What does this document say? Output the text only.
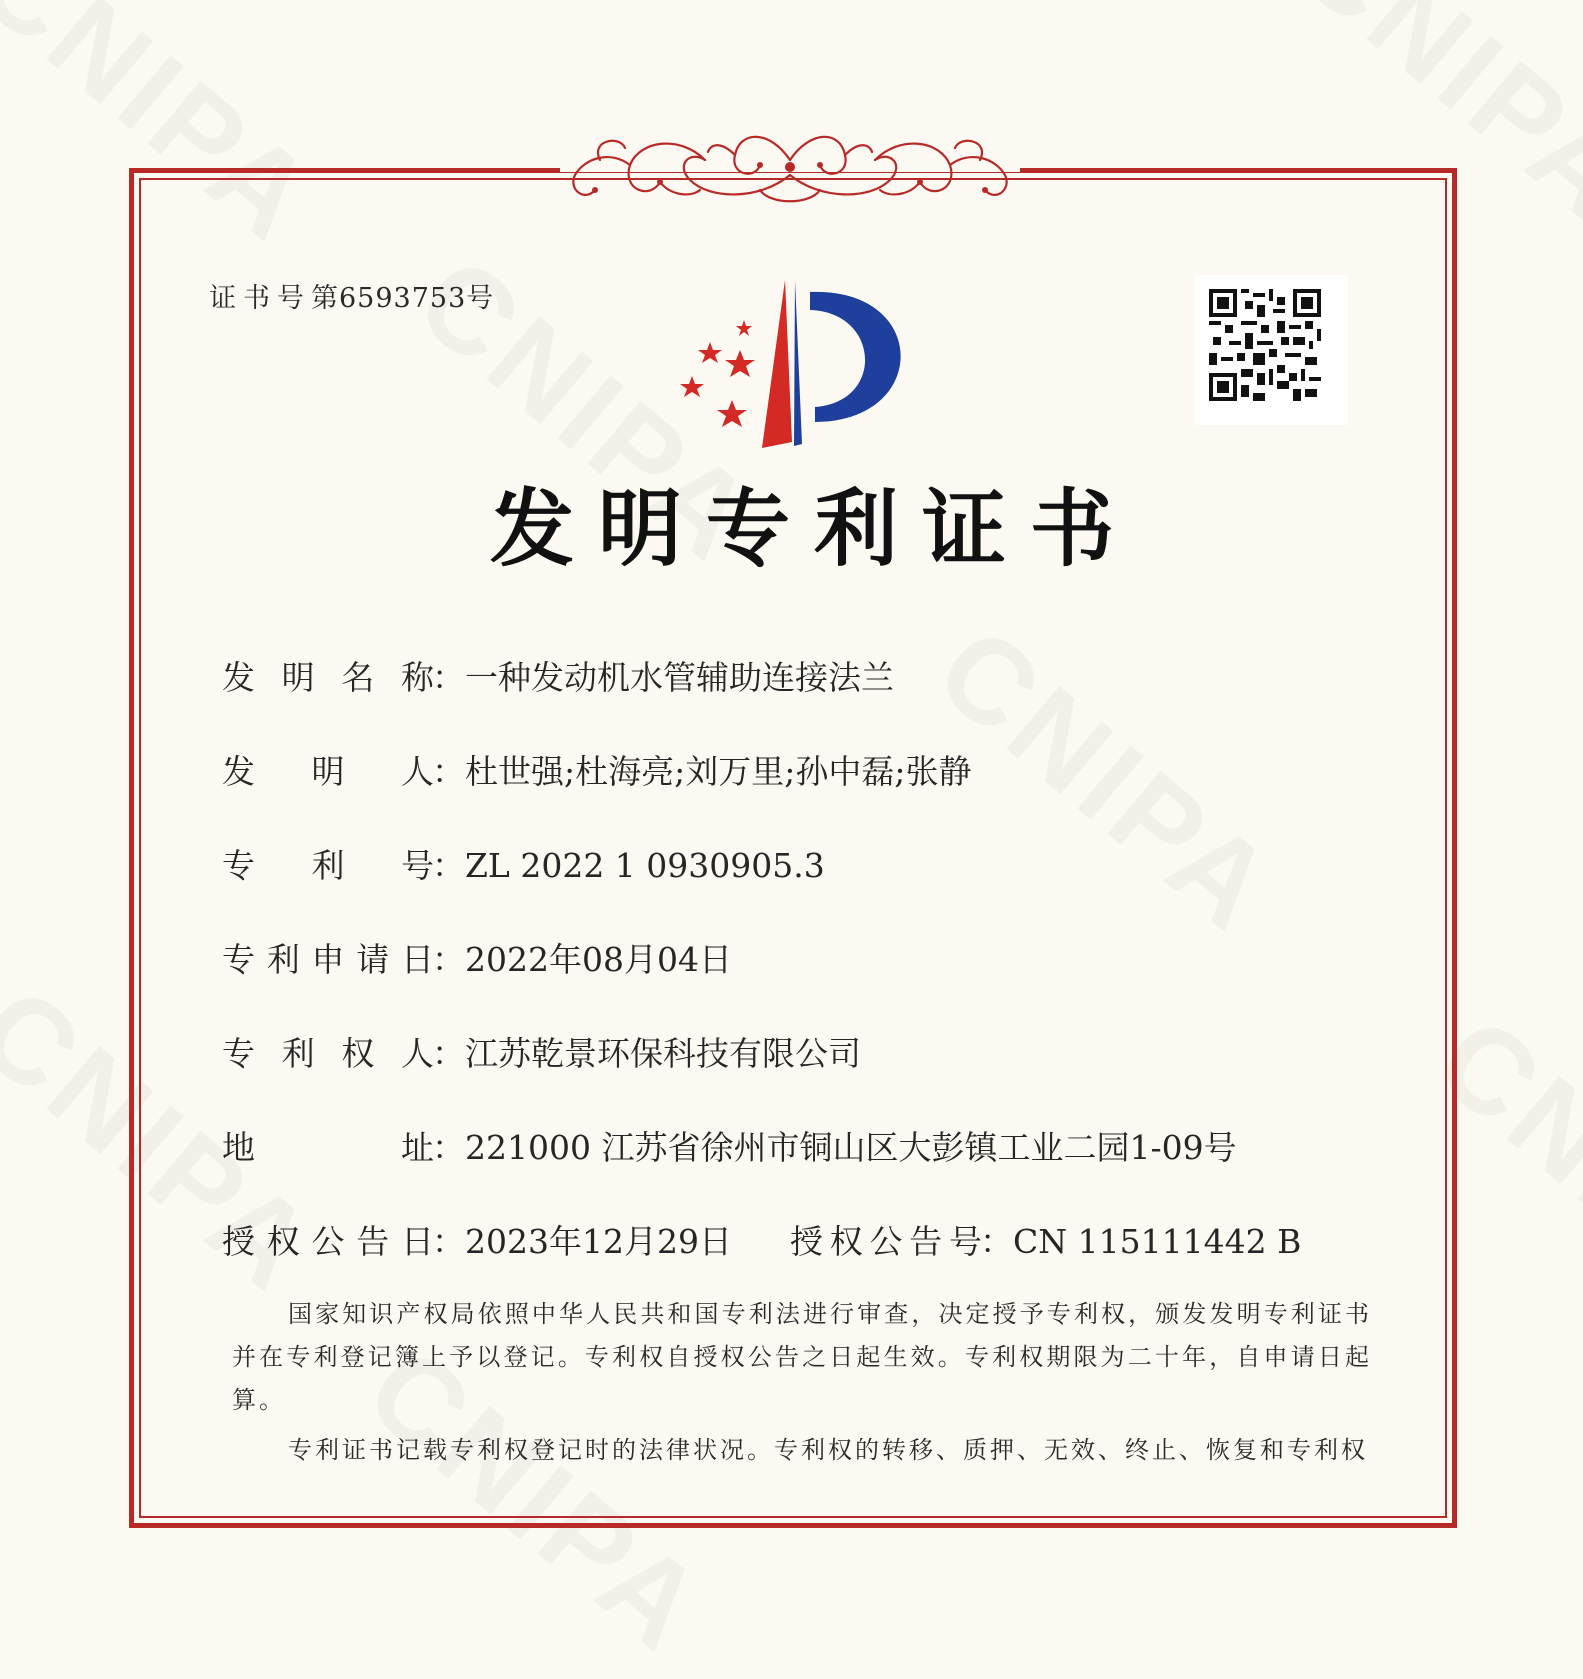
证书号第6593753号
发明专利证书
发明名称：一种发动机水管辅助连接法兰
发明人：杜世强;杜海亮;刘万里;孙中磊;张静
专利号：ZL 2022 1 0930905.3
专利申请日：2022年08月04日
专利权人：江苏乾景环保科技有限公司
地址：221000 江苏省徐州市铜山区大彭镇工业二园1-09号
授权公告日：2023年12月29日 授权公告号：CN 115111442 B

国家知识产权局依照中华人民共和国专利法进行审查，决定授予专利权，颁发发明专利证书并在专利登记簿上予以登记。专利权自授权公告之日起生效。专利权期限为二十年，自申请日起算。

专利证书记载专利权登记时的法律状况。专利权的转移、质押、无效、终止、恢复和专利权
